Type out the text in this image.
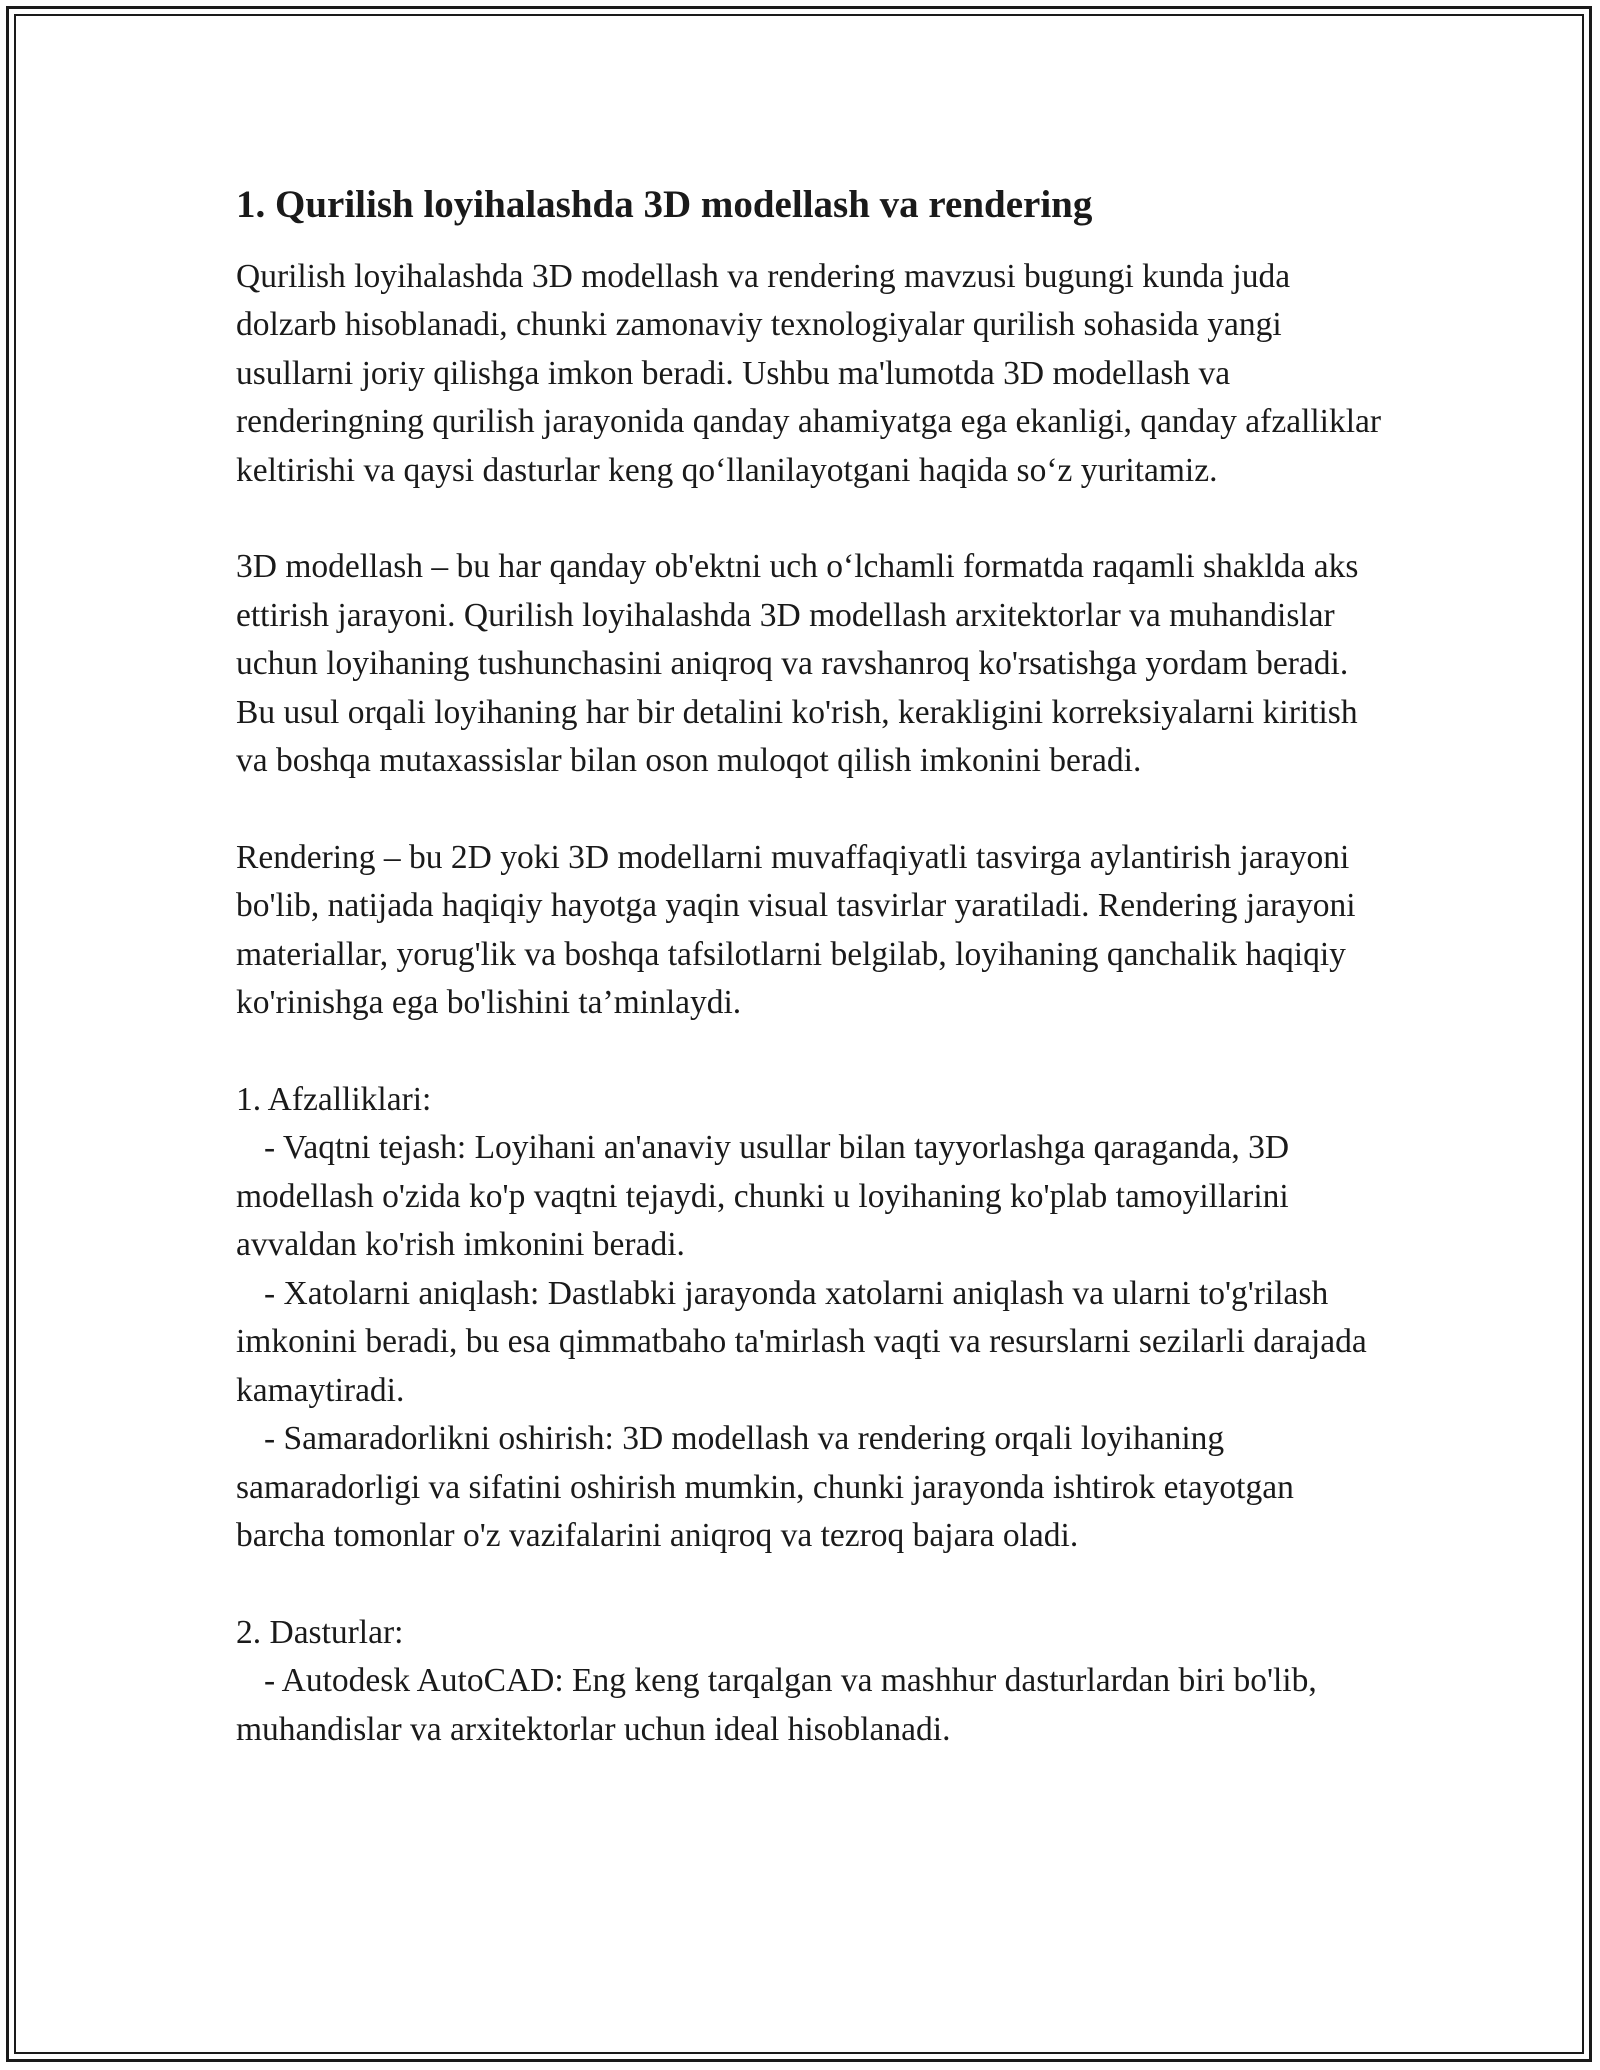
1. Qurilish loyihalashda 3D modellash va rendering

Qurilish loyihalashda 3D modellash va rendering mavzusi bugungi kunda juda dolzarb hisoblanadi, chunki zamonaviy texnologiyalar qurilish sohasida yangi usullarni joriy qilishga imkon beradi. Ushbu ma'lumotda 3D modellash va renderingning qurilish jarayonida qanday ahamiyatga ega ekanligi, qanday afzalliklar keltirishi va qaysi dasturlar keng qo‘llanilayotgani haqida so‘z yuritamiz.

3D modellash – bu har qanday ob'ektni uch o‘lchamli formatda raqamli shaklda aks ettirish jarayoni. Qurilish loyihalashda 3D modellash arxitektorlar va muhandislar uchun loyihaning tushunchasini aniqroq va ravshanroq ko'rsatishga yordam beradi. Bu usul orqali loyihaning har bir detalini ko'rish, kerakligini korreksiyalarni kiritish va boshqa mutaxassislar bilan oson muloqot qilish imkonini beradi.

Rendering – bu 2D yoki 3D modellarni muvaffaqiyatli tasvirga aylantirish jarayoni bo'lib, natijada haqiqiy hayotga yaqin visual tasvirlar yaratiladi. Rendering jarayoni materiallar, yorug'lik va boshqa tafsilotlarni belgilab, loyihaning qanchalik haqiqiy ko'rinishga ega bo'lishini ta’minlaydi.

1. Afzalliklari:

- Vaqtni tejash: Loyihani an'anaviy usullar bilan tayyorlashga qaraganda, 3D modellash o'zida ko'p vaqtni tejaydi, chunki u loyihaning ko'plab tamoyillarini avvaldan ko'rish imkonini beradi.

- Xatolarni aniqlash: Dastlabki jarayonda xatolarni aniqlash va ularni to'g'rilash imkonini beradi, bu esa qimmatbaho ta'mirlash vaqti va resurslarni sezilarli darajada kamaytiradi.

- Samaradorlikni oshirish: 3D modellash va rendering orqali loyihaning samaradorligi va sifatini oshirish mumkin, chunki jarayonda ishtirok etayotgan barcha tomonlar o'z vazifalarini aniqroq va tezroq bajara oladi.

2. Dasturlar:

- Autodesk AutoCAD: Eng keng tarqalgan va mashhur dasturlardan biri bo'lib, muhandislar va arxitektorlar uchun ideal hisoblanadi.
